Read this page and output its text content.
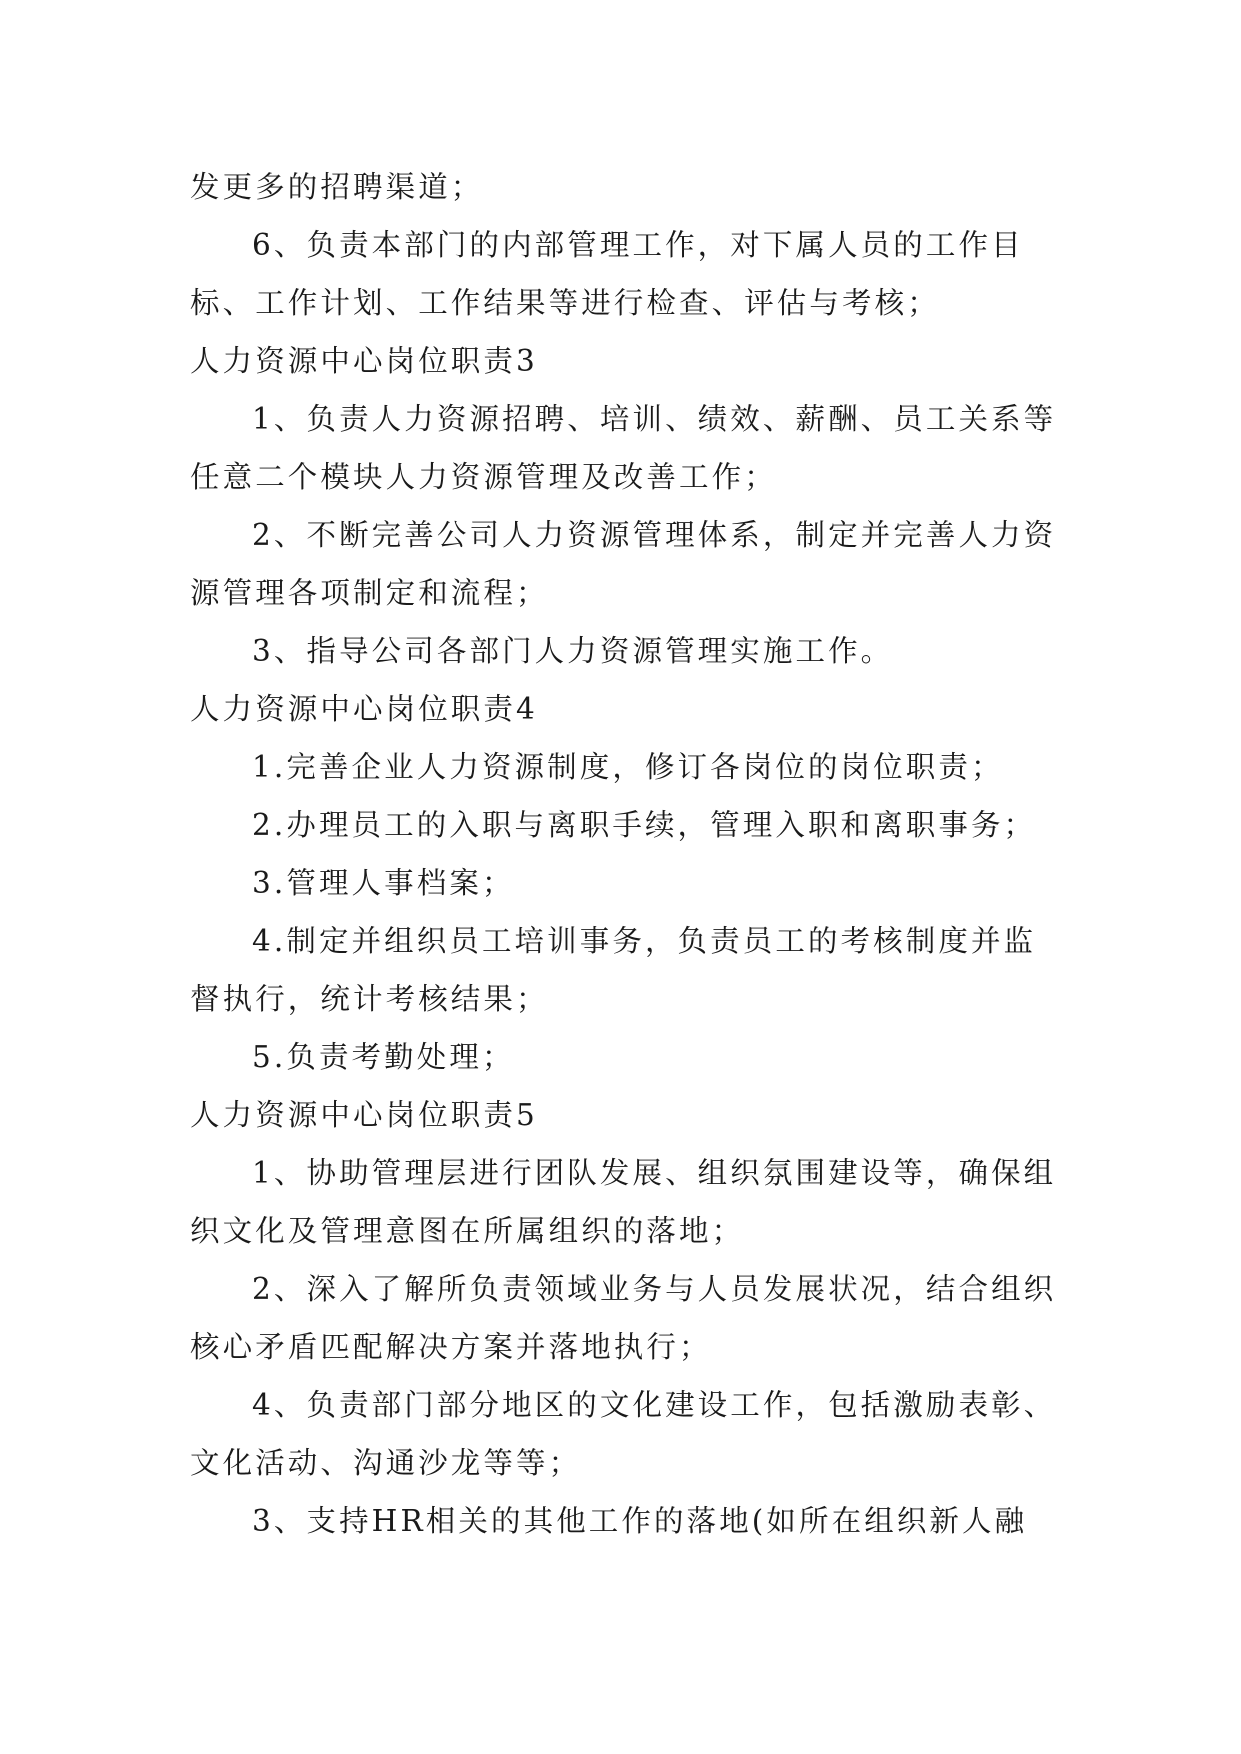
发更多的招聘渠道；

6、负责本部门的内部管理工作，对下属人员的工作目标、工作计划、工作结果等进行检查、评估与考核；

人力资源中心岗位职责3

1、负责人力资源招聘、培训、绩效、薪酬、员工关系等任意二个模块人力资源管理及改善工作；

2、不断完善公司人力资源管理体系，制定并完善人力资源管理各项制定和流程；

3、指导公司各部门人力资源管理实施工作。

人力资源中心岗位职责4

1.完善企业人力资源制度，修订各岗位的岗位职责；

2.办理员工的入职与离职手续，管理入职和离职事务；

3.管理人事档案；

4.制定并组织员工培训事务，负责员工的考核制度并监督执行，统计考核结果；

5.负责考勤处理；

人力资源中心岗位职责5

1、协助管理层进行团队发展、组织氛围建设等，确保组织文化及管理意图在所属组织的落地；

2、深入了解所负责领域业务与人员发展状况，结合组织核心矛盾匹配解决方案并落地执行；

4、负责部门部分地区的文化建设工作，包括激励表彰、文化活动、沟通沙龙等等；

3、支持HR相关的其他工作的落地(如所在组织新人融
